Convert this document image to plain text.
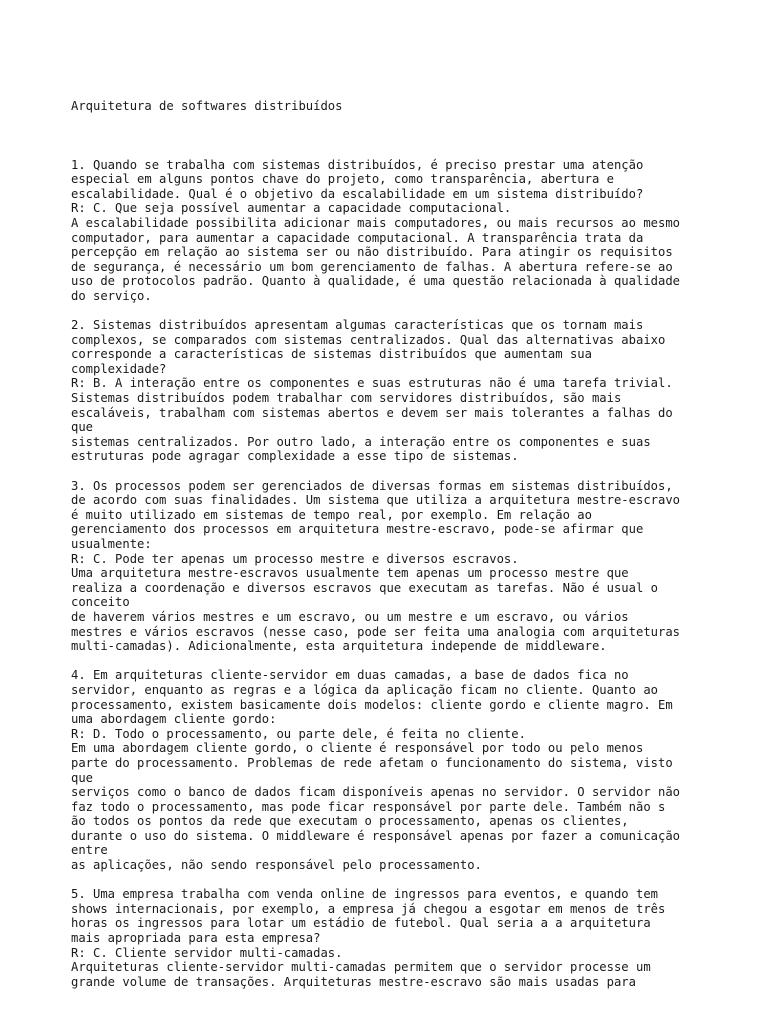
Arquitetura de softwares distribuídos

1. Quando se trabalha com sistemas distribuídos, é preciso prestar uma atenção
especial em alguns pontos chave do projeto, como transparência, abertura e
escalabilidade. Qual é o objetivo da escalabilidade em um sistema distribuído?
R: C. Que seja possível aumentar a capacidade computacional.
A escalabilidade possibilita adicionar mais computadores, ou mais recursos ao mesmo
computador, para aumentar a capacidade computacional. A transparência trata da
percepção em relação ao sistema ser ou não distribuído. Para atingir os requisitos
de segurança, é necessário um bom gerenciamento de falhas. A abertura refere-se ao
uso de protocolos padrão. Quanto à qualidade, é uma questão relacionada à qualidade
do serviço.
2. Sistemas distribuídos apresentam algumas características que os tornam mais
complexos, se comparados com sistemas centralizados. Qual das alternativas abaixo
corresponde a características de sistemas distribuídos que aumentam sua
complexidade?
R: B. A interação entre os componentes e suas estruturas não é uma tarefa trivial.
Sistemas distribuídos podem trabalhar com servidores distribuídos, são mais
escaláveis, trabalham com sistemas abertos e devem ser mais tolerantes a falhas do
que
sistemas centralizados. Por outro lado, a interação entre os componentes e suas
estruturas pode agragar complexidade a esse tipo de sistemas.
3. Os processos podem ser gerenciados de diversas formas em sistemas distribuídos,
de acordo com suas finalidades. Um sistema que utiliza a arquitetura mestre-escravo
é muito utilizado em sistemas de tempo real, por exemplo. Em relação ao
gerenciamento dos processos em arquitetura mestre-escravo, pode-se afirmar que
usualmente:
R: C. Pode ter apenas um processo mestre e diversos escravos.
Uma arquitetura mestre-escravos usualmente tem apenas um processo mestre que
realiza a coordenação e diversos escravos que executam as tarefas. Não é usual o
conceito
de haverem vários mestres e um escravo, ou um mestre e um escravo, ou vários
mestres e vários escravos (nesse caso, pode ser feita uma analogia com arquiteturas
multi-camadas). Adicionalmente, esta arquitetura independe de middleware.
4. Em arquiteturas cliente-servidor em duas camadas, a base de dados fica no
servidor, enquanto as regras e a lógica da aplicação ficam no cliente. Quanto ao
processamento, existem basicamente dois modelos: cliente gordo e cliente magro. Em
uma abordagem cliente gordo:
R: D. Todo o processamento, ou parte dele, é feita no cliente.
Em uma abordagem cliente gordo, o cliente é responsável por todo ou pelo menos
parte do processamento. Problemas de rede afetam o funcionamento do sistema, visto
que
serviços como o banco de dados ficam disponíveis apenas no servidor. O servidor não
faz todo o processamento, mas pode ficar responsável por parte dele. Também não s
ão todos os pontos da rede que executam o processamento, apenas os clientes,
durante o uso do sistema. O middleware é responsável apenas por fazer a comunicação
entre
as aplicações, não sendo responsável pelo processamento.
5. Uma empresa trabalha com venda online de ingressos para eventos, e quando tem
shows internacionais, por exemplo, a empresa já chegou a esgotar em menos de três
horas os ingressos para lotar um estádio de futebol. Qual seria a a arquitetura
mais apropriada para esta empresa?
R: C. Cliente servidor multi-camadas.
Arquiteturas cliente-servidor multi-camadas permitem que o servidor processe um
grande volume de transações. Arquiteturas mestre-escravo são mais usadas para
